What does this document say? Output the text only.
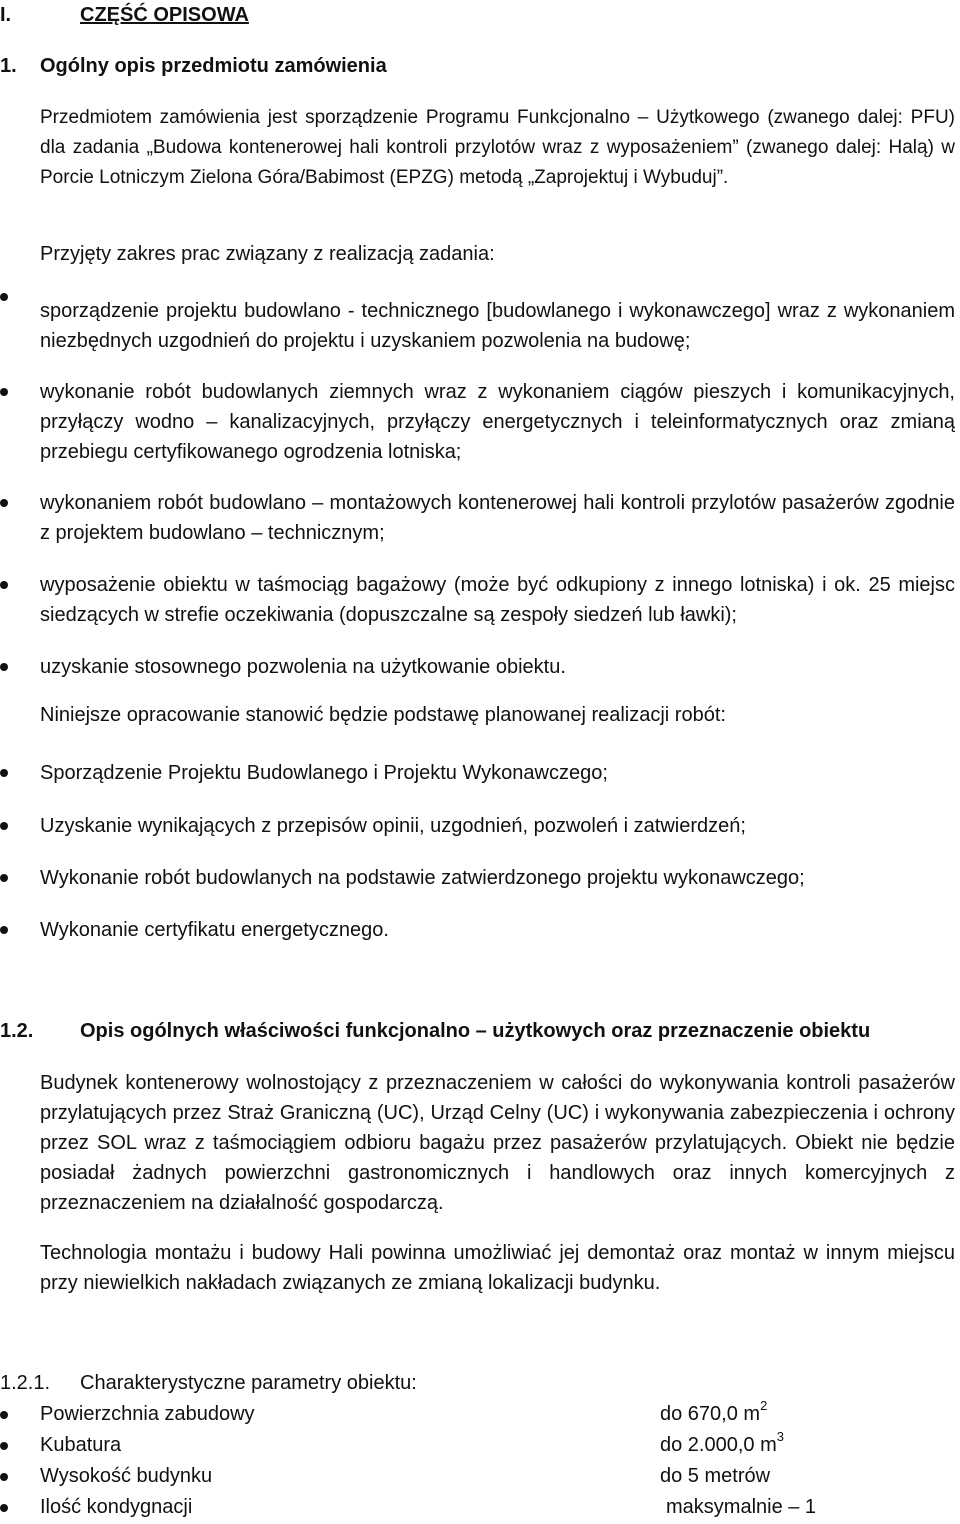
I.	CZĘŚĆ OPISOWA
1. Ogólny opis przedmiotu zamówienia
Przedmiotem zamówienia jest sporządzenie Programu Funkcjonalno – Użytkowego (zwanego dalej: PFU) dla zadania „Budowa kontenerowej hali kontroli przylotów wraz z wyposażeniem” (zwanego dalej: Halą) w Porcie Lotniczym Zielona Góra/Babimost (EPZG) metodą „Zaprojektuj i Wybuduj”.
Przyjęty zakres prac związany z realizacją zadania:
sporządzenie projektu budowlano - technicznego [budowlanego i wykonawczego] wraz z wykonaniem niezbędnych uzgodnień do projektu i uzyskaniem pozwolenia na budowę;
wykonanie robót budowlanych ziemnych wraz z wykonaniem ciągów pieszych i komunikacyjnych, przyłączy wodno – kanalizacyjnych, przyłączy energetycznych i teleinformatycznych oraz zmianą przebiegu certyfikowanego ogrodzenia lotniska;
wykonaniem robót budowlano – montażowych kontenerowej hali kontroli przylotów pasażerów zgodnie z projektem budowlano – technicznym;
wyposażenie obiektu w taśmociąg bagażowy (może być odkupiony z innego lotniska) i ok. 25 miejsc siedzących w strefie oczekiwania (dopuszczalne są zespoły siedzeń lub ławki);
uzyskanie stosownego pozwolenia na użytkowanie obiektu.
Niniejsze opracowanie stanowić będzie podstawę planowanej realizacji robót:
Sporządzenie Projektu Budowlanego i Projektu Wykonawczego;
Uzyskanie wynikających z przepisów opinii, uzgodnień, pozwoleń i zatwierdzeń;
Wykonanie robót budowlanych na podstawie zatwierdzonego projektu wykonawczego;
Wykonanie certyfikatu energetycznego.
1.2. Opis ogólnych właściwości funkcjonalno – użytkowych oraz przeznaczenie obiektu
Budynek kontenerowy wolnostojący z przeznaczeniem w całości do wykonywania kontroli pasażerów przylatujących przez Straż Graniczną (UC), Urząd Celny (UC) i wykonywania zabezpieczenia i ochrony przez SOL wraz z taśmociągiem odbioru bagażu przez pasażerów przylatujących. Obiekt nie będzie posiadał żadnych powierzchni gastronomicznych i handlowych oraz innych komercyjnych z przeznaczeniem na działalność gospodarczą.
Technologia montażu i budowy Hali powinna umożliwiać jej demontaż oraz montaż w innym miejscu przy niewielkich nakładach związanych ze zmianą lokalizacji budynku.
1.2.1. Charakterystyczne parametry obiektu:
Powierzchnia zabudowy	do 670,0 $m^2$
Kubatura	do 2.000,0 $m^3$
Wysokość budynku	do 5 metrów
Ilość kondygnacji	maksymalnie – 1
